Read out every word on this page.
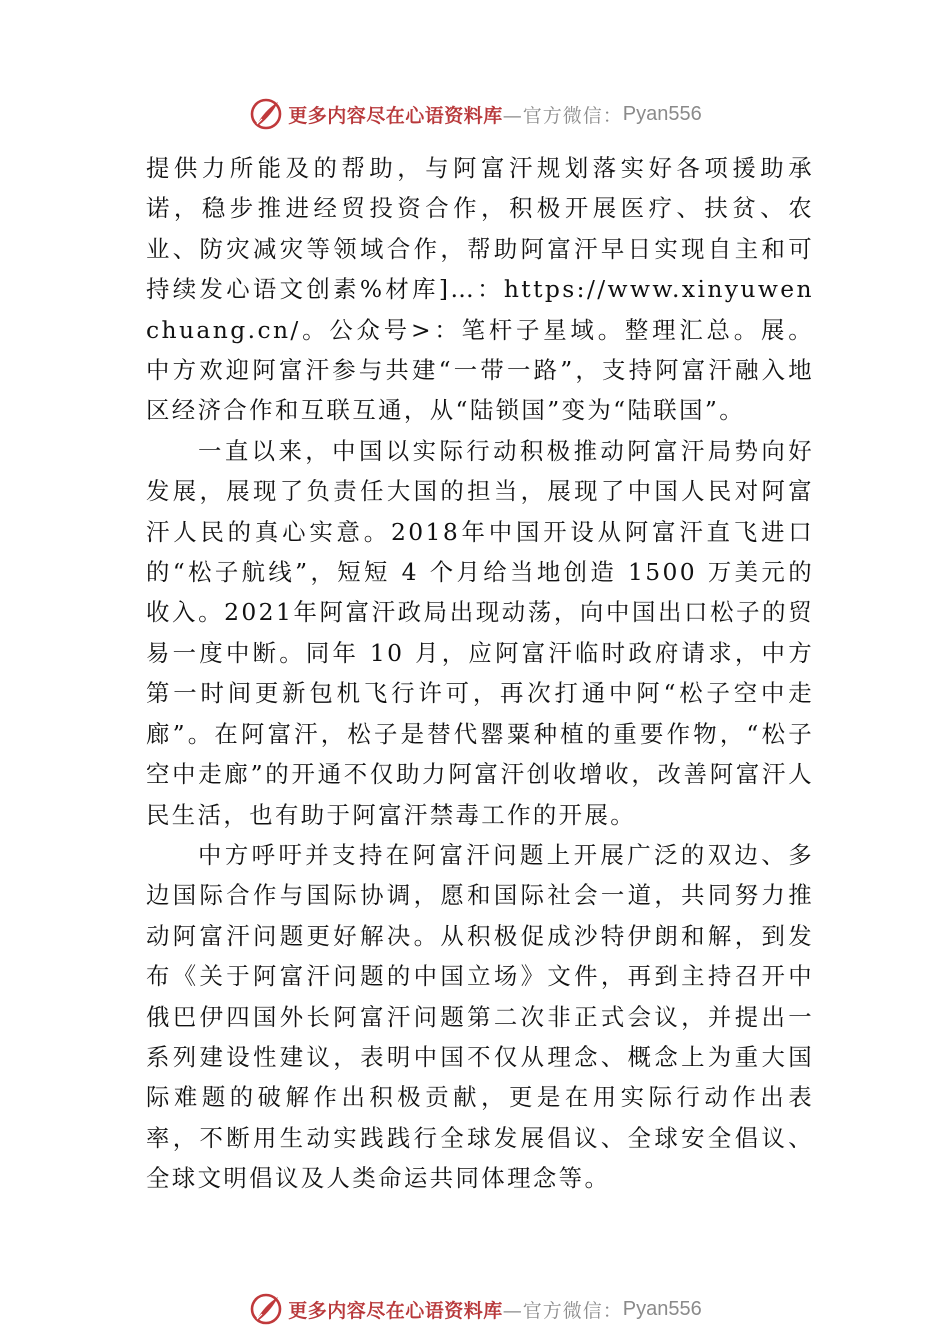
更多内容尽在心语资料库 —官方微信： Pyan556

提供力所能及的帮助，与阿富汗规划落实好各项援助承诺，稳步推进经贸投资合作，积极开展医疗、扶贫、农业、防灾减灾等领域合作，帮助阿富汗早日实现自主和可持续发心语文创素%材库]…：https://www.xinyuwenchuang.cn/。公众号>：笔杆子星域。整理汇总。展。 中方欢迎阿富汗参与共建“一带一路”，支持阿富汗融入地区经济合作和互联互通，从“陆锁国”变为“陆联国”。

一直以来，中国以实际行动积极推动阿富汗局势向好发展，展现了负责任大国的担当，展现了中国人民对阿富汗人民的真心实意。2018年中国开设从阿富汗直飞进口的“松子航线”，短短 4 个月给当地创造 1500 万美元的收入。2021年阿富汗政局出现动荡，向中国出口松子的贸易一度中断。同年 10 月，应阿富汗临时政府请求，中方第一时间更新包机飞行许可，再次打通中阿“松子空中走廊”。在阿富汗，松子是替代罂粟种植的重要作物，“松子空中走廊”的开通不仅助力阿富汗创收增收，改善阿富汗人民生活，也有助于阿富汗禁毒工作的开展。

中方呼吁并支持在阿富汗问题上开展广泛的双边、多边国际合作与国际协调，愿和国际社会一道，共同努力推动阿富汗问题更好解决。从积极促成沙特伊朗和解，到发布《关于阿富汗问题的中国立场》文件，再到主持召开中俄巴伊四国外长阿富汗问题第二次非正式会议，并提出一系列建设性建议，表明中国不仅从理念、概念上为重大国际难题的破解作出积极贡献，更是在用实际行动作出表率，不断用生动实践践行全球发展倡议、全球安全倡议、全球文明倡议及人类命运共同体理念等。

更多内容尽在心语资料库 —官方微信： Pyan556
